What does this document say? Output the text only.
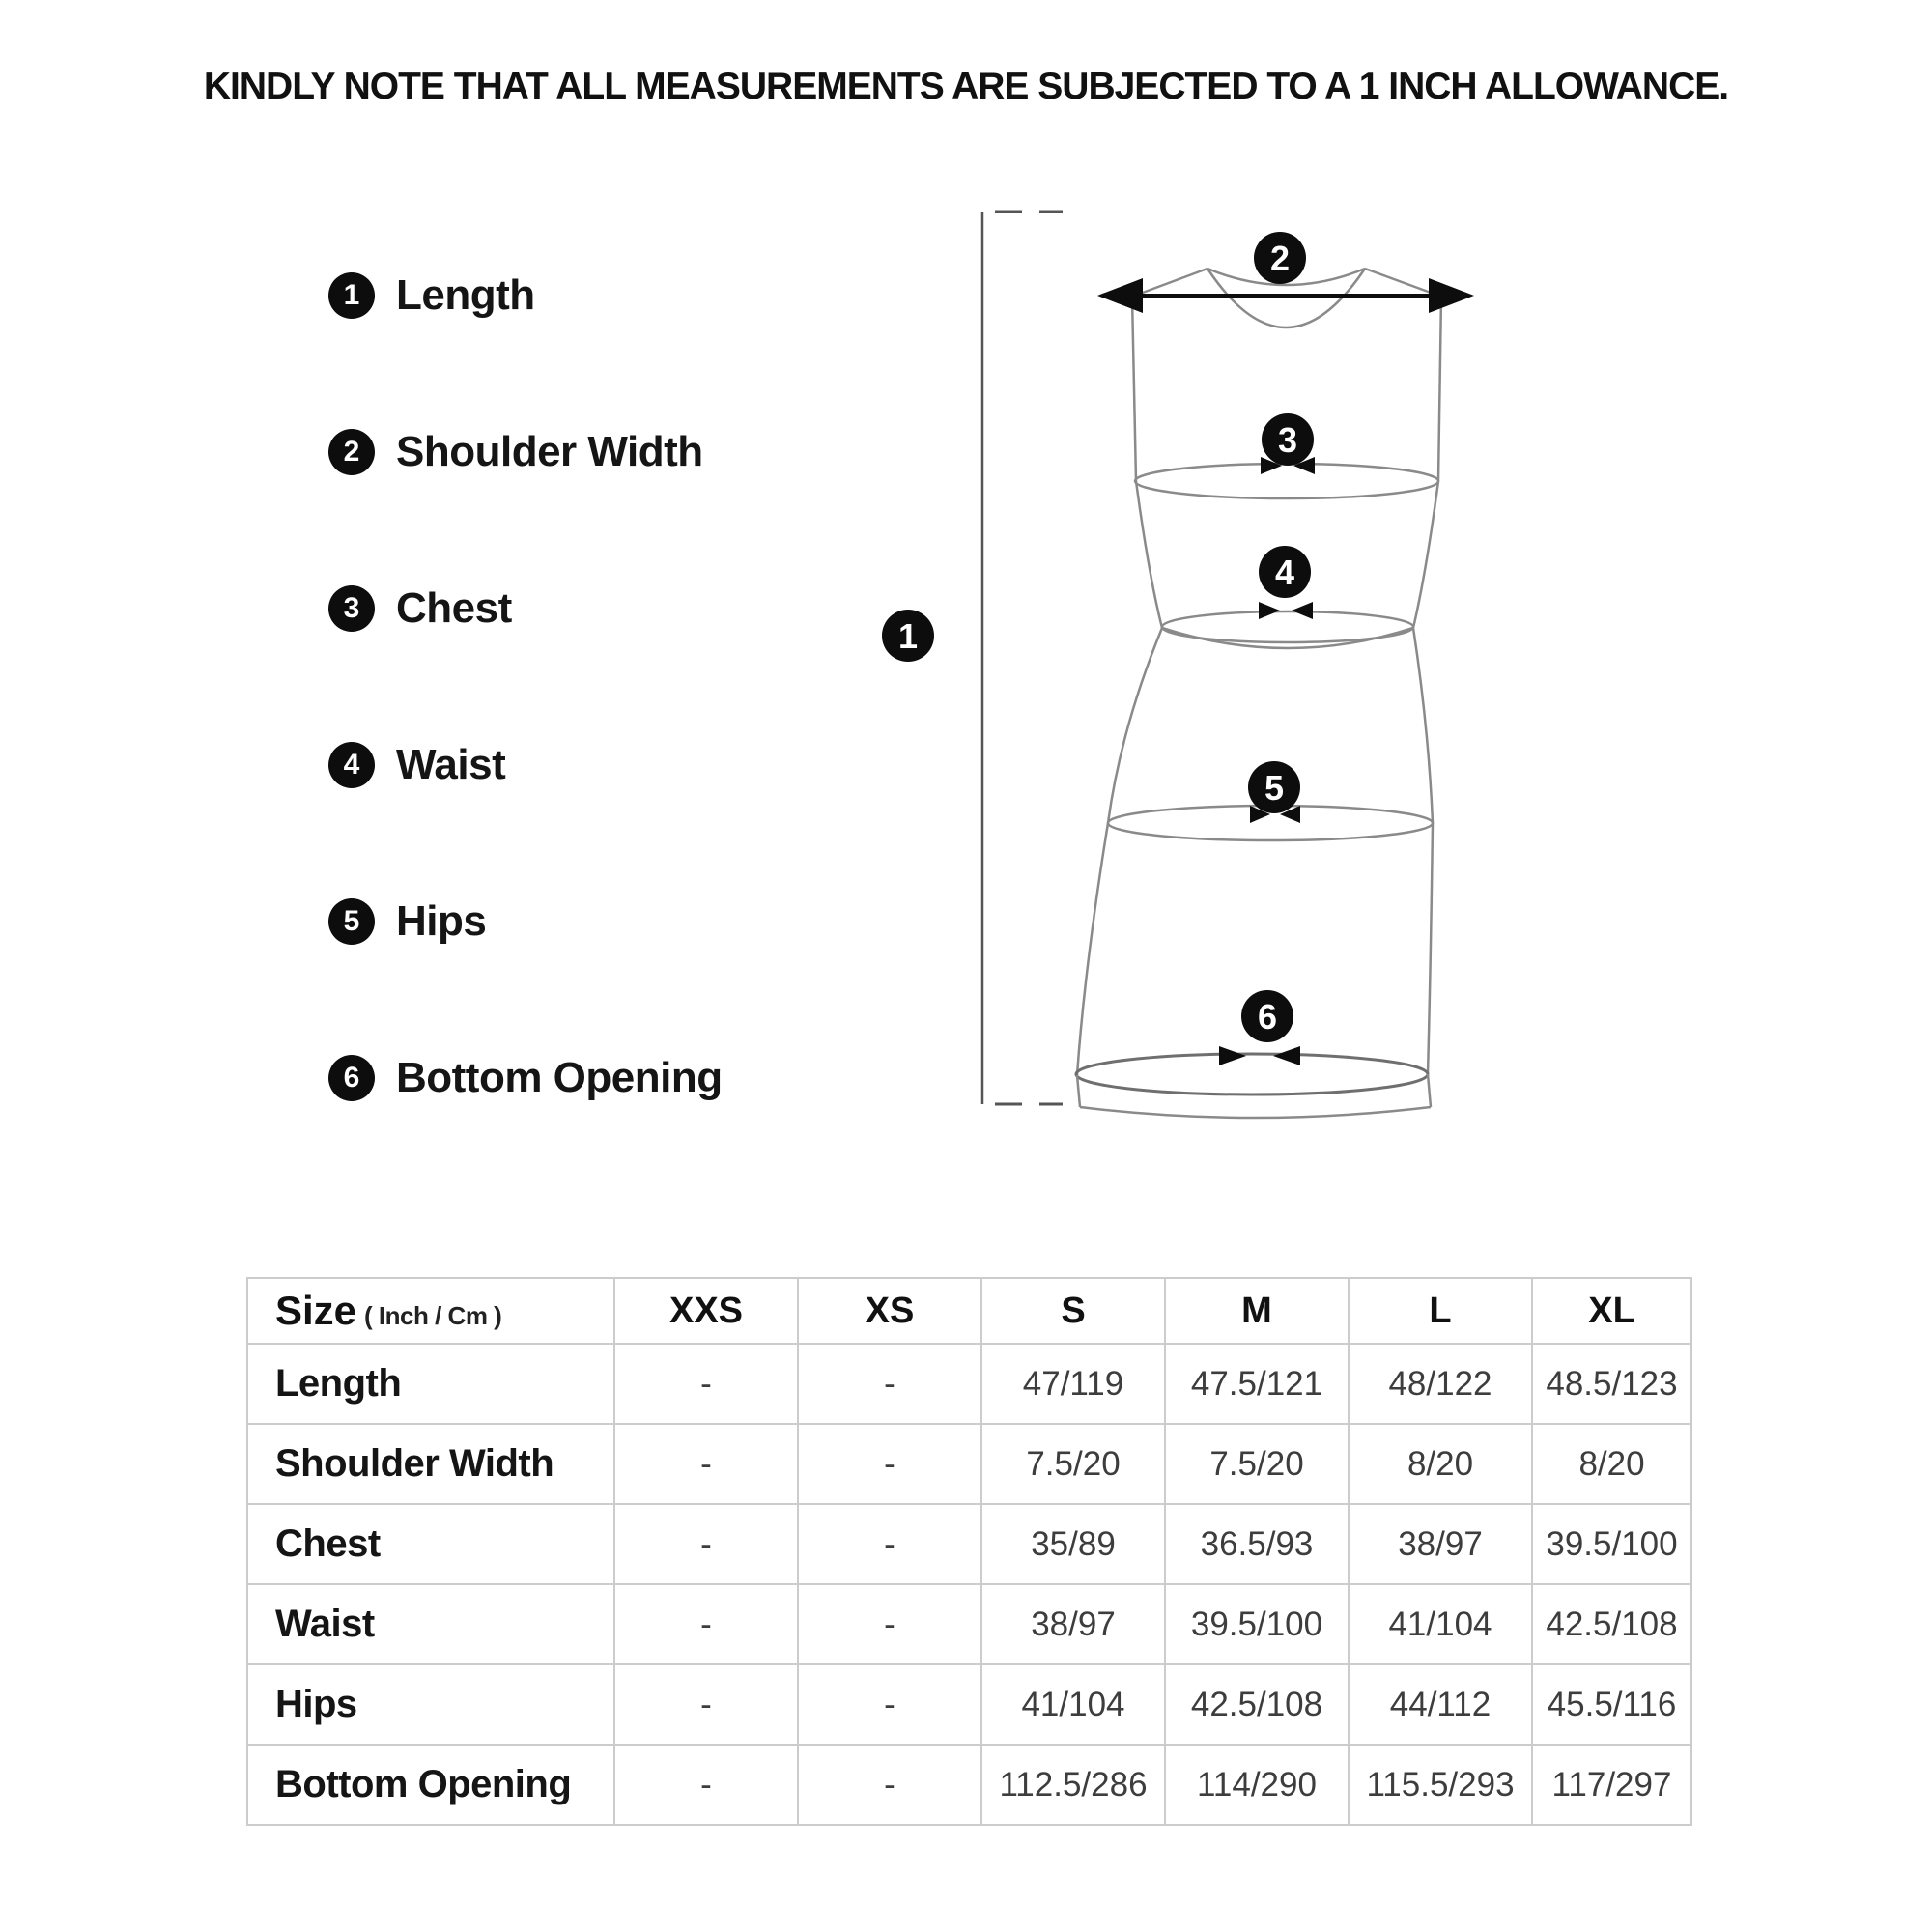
KINDLY NOTE THAT ALL MEASUREMENTS ARE SUBJECTED TO A 1 INCH ALLOWANCE.
1 Length
2 Shoulder Width
3 Chest
4 Waist
5 Hips
6 Bottom Opening
1
2
3
4
5
6
Size ( Inch / Cm )	XXS	XS	S	M	L	XL
Length	-	-	47/119	47.5/121	48/122	48.5/123
Shoulder Width	-	-	7.5/20	7.5/20	8/20	8/20
Chest	-	-	35/89	36.5/93	38/97	39.5/100
Waist	-	-	38/97	39.5/100	41/104	42.5/108
Hips	-	-	41/104	42.5/108	44/112	45.5/116
Bottom Opening	-	-	112.5/286	114/290	115.5/293	117/297
